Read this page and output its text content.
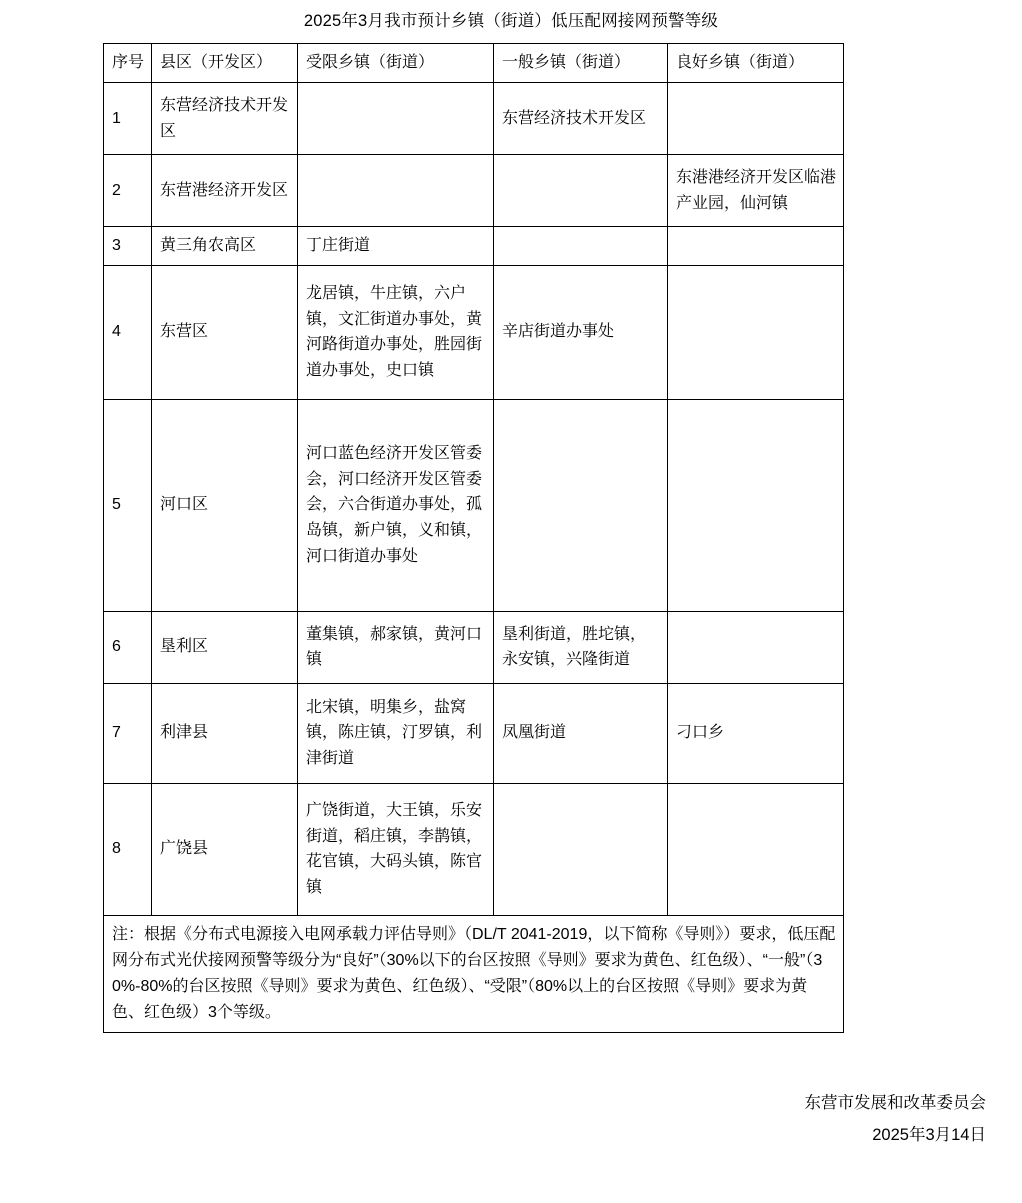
2025年3月我市预计乡镇（街道）低压配网接网预警等级
序号	县区（开发区）	受限乡镇（街道）	一般乡镇（街道）	良好乡镇（街道）
1	东营经济技术开发区		东营经济技术开发区	
2	东营港经济开发区			东港港经济开发区临港产业园，仙河镇
3	黄三角农高区	丁庄街道		
4	东营区	龙居镇，牛庄镇，六户镇，文汇街道办事处，黄河路街道办事处，胜园街道办事处，史口镇	辛店街道办事处	
5	河口区	河口蓝色经济开发区管委会，河口经济开发区管委会，六合街道办事处，孤岛镇，新户镇，义和镇，河口街道办事处		
6	垦利区	董集镇，郝家镇，黄河口镇	垦利街道，胜坨镇，永安镇，兴隆街道	
7	利津县	北宋镇，明集乡，盐窝镇，陈庄镇，汀罗镇，利津街道	凤凰街道	刁口乡
8	广饶县	广饶街道，大王镇，乐安街道，稻庄镇，李鹊镇，花官镇，大码头镇，陈官镇		
注：根据《分布式电源接入电网承载力评估导则》（DL/T 2041-2019，以下简称《导则》）要求，低压配网分布式光伏接网预警等级分为“良好”（30%以下的台区按照《导则》要求为黄色、红色级）、“一般”（30%-80%的台区按照《导则》要求为黄色、红色级）、“受限”（80%以上的台区按照《导则》要求为黄色、红色级）3个等级。				
东营市发展和改革委员会
2025年3月14日
